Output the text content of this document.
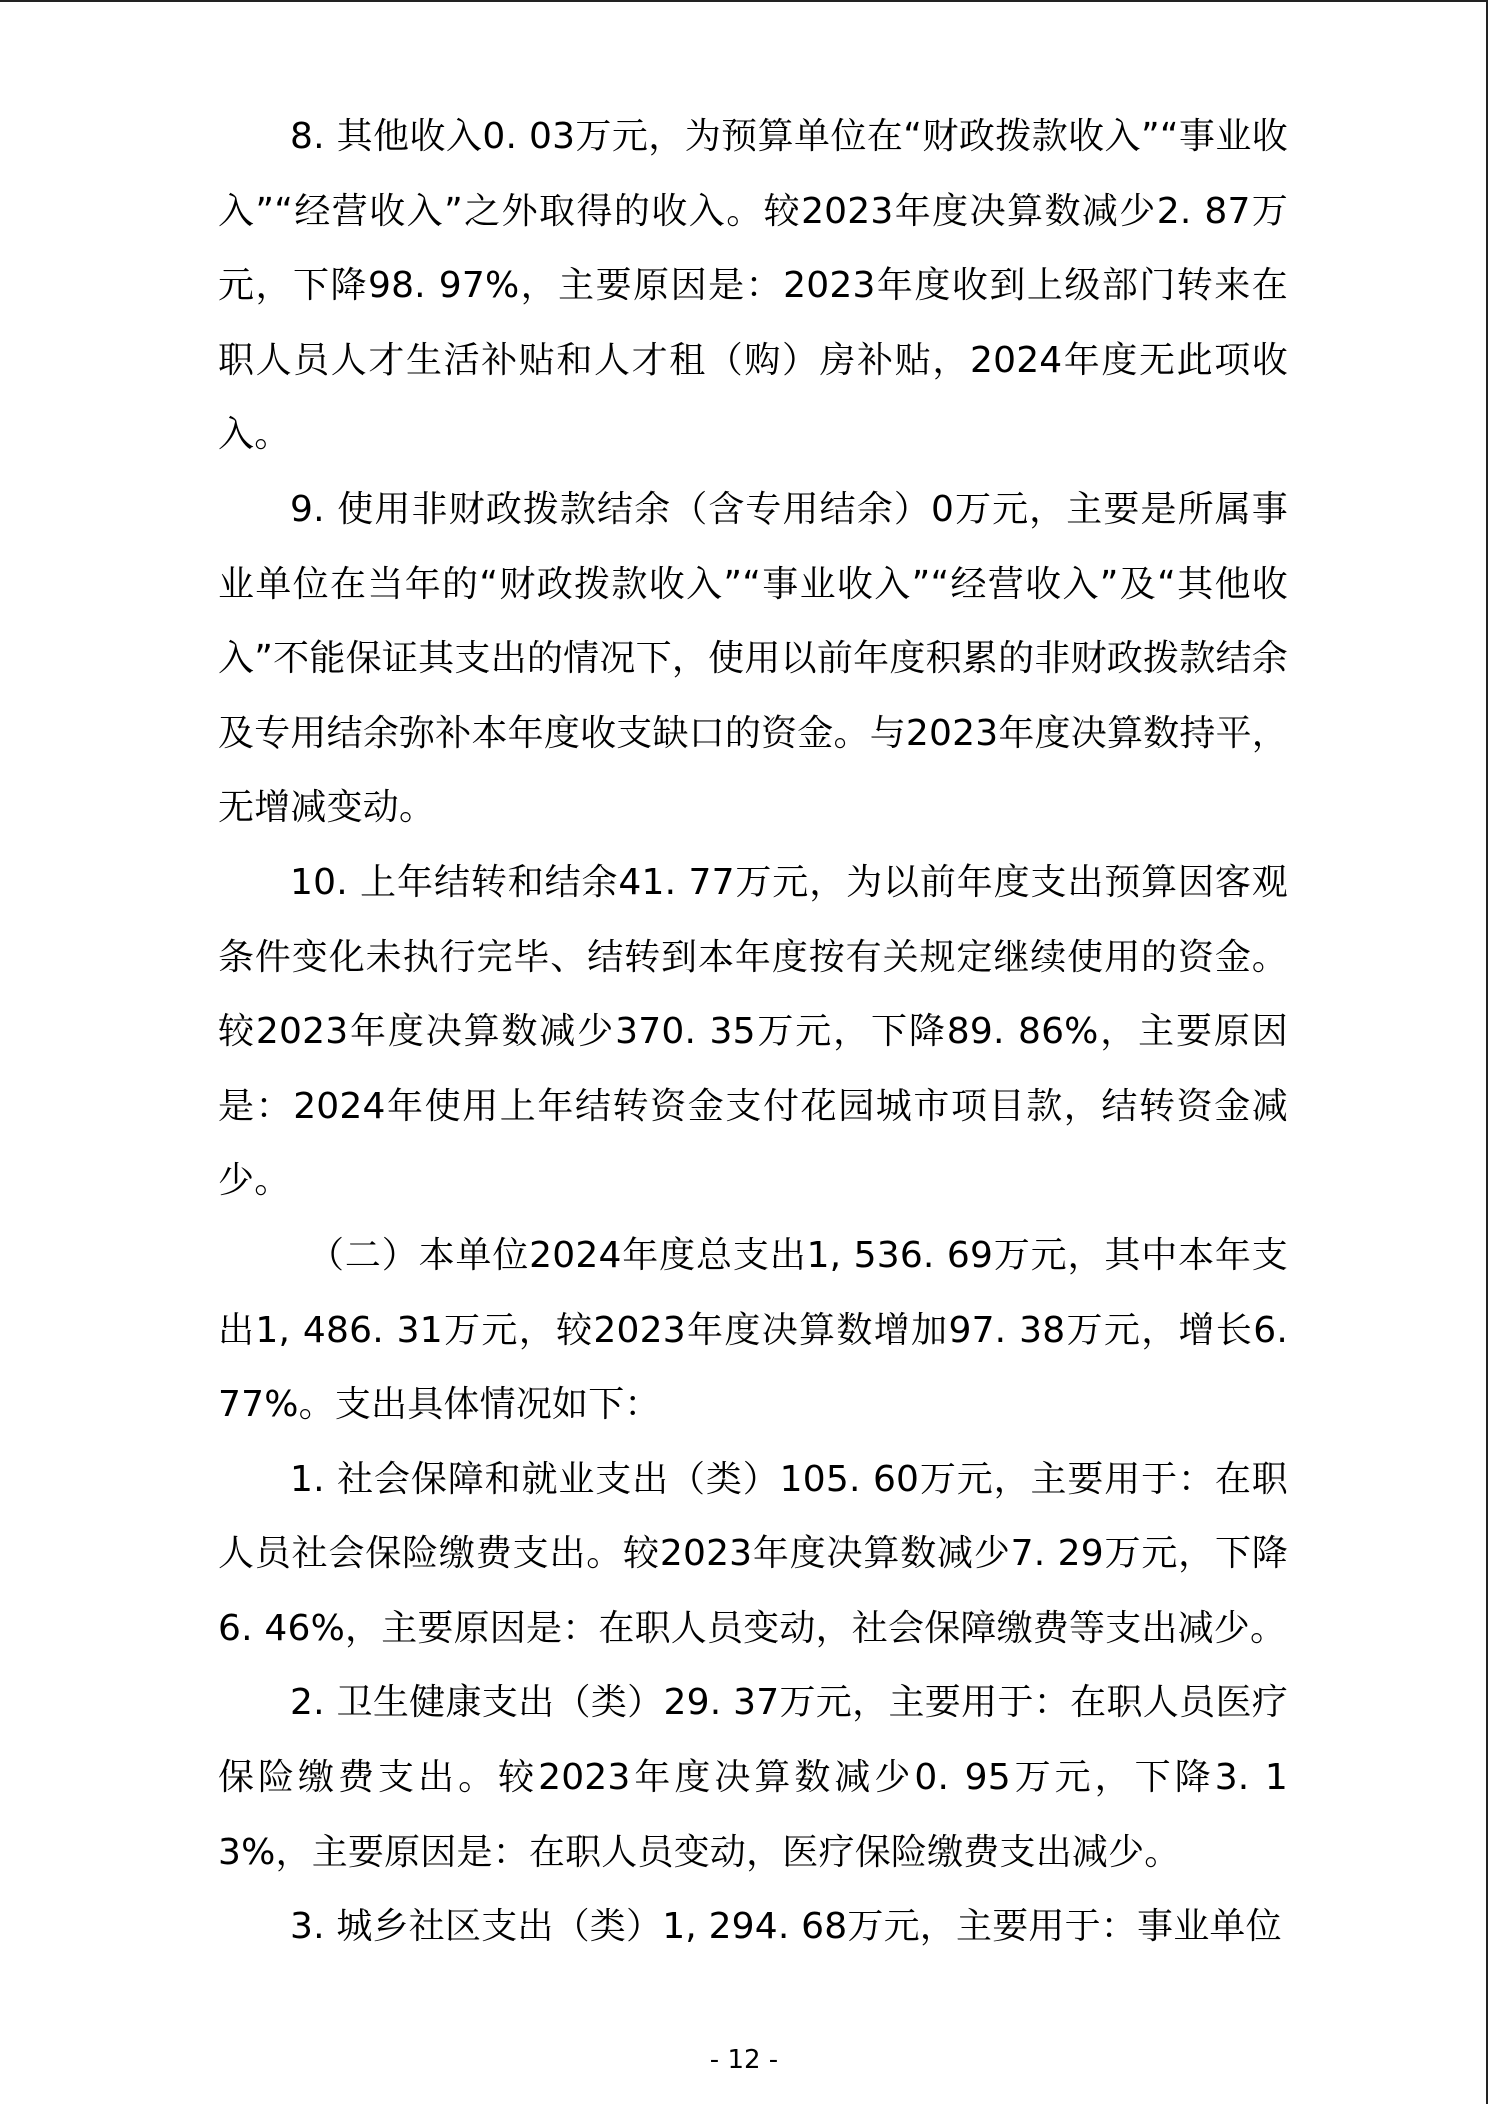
8. 其他收入0. 03万元，为预算单位在“财政拨款收入”“事业收入”“经营收入”之外取得的收入。较2023年度决算数减少2. 87万元，下降98. 97%，主要原因是：2023年度收到上级部门转来在职人员人才生活补贴和人才租（购）房补贴，2024年度无此项收入。

9. 使用非财政拨款结余（含专用结余）0万元，主要是所属事业单位在当年的“财政拨款收入”“事业收入”“经营收入”及“其他收入”不能保证其支出的情况下，使用以前年度积累的非财政拨款结余及专用结余弥补本年度收支缺口的资金。与2023年度决算数持平，无增减变动。

10. 上年结转和结余41. 77万元，为以前年度支出预算因客观条件变化未执行完毕、结转到本年度按有关规定继续使用的资金。较2023年度决算数减少370. 35万元，下降89. 86%，主要原因是：2024年使用上年结转资金支付花园城市项目款，结转资金减少。

（二）本单位2024年度总支出1, 536. 69万元，其中本年支出1, 486. 31万元，较2023年度决算数增加97. 38万元，增长6. 77%。支出具体情况如下：

1. 社会保障和就业支出（类）105. 60万元，主要用于：在职人员社会保险缴费支出。较2023年度决算数减少7. 29万元，下降6. 46%，主要原因是：在职人员变动，社会保障缴费等支出减少。

2. 卫生健康支出（类）29. 37万元，主要用于：在职人员医疗保险缴费支出。较2023年度决算数减少0. 95万元，下降3. 13%，主要原因是：在职人员变动，医疗保险缴费支出减少。

3. 城乡社区支出（类）1, 294. 68万元，主要用于：事业单位

- 12 -
